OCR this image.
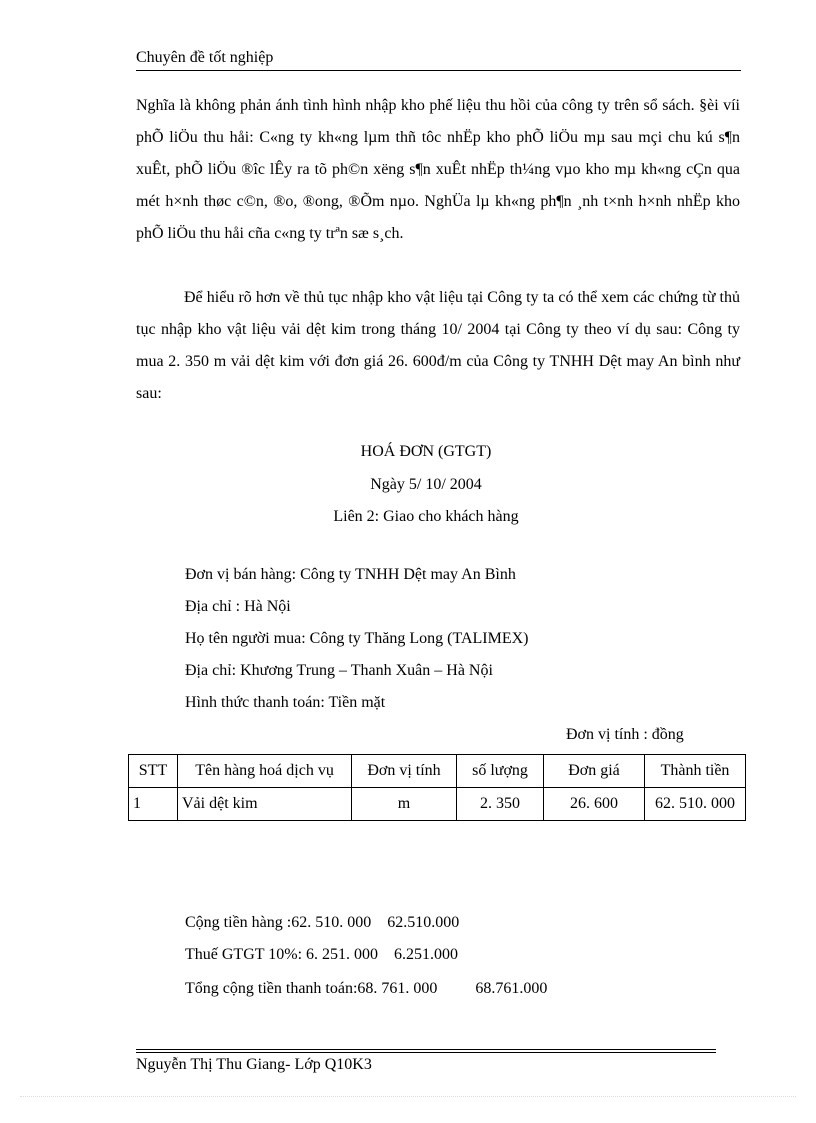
Chuyên đề tốt nghiệp
Nghĩa là không phản ánh tình hình nhập kho phế liệu thu hồi của công ty trên sổ sách. §èi víi phÕ liÖu thu håi: C«ng ty kh«ng lµm thñ tôc nhËp kho phÕ liÖu mµ sau mçi chu kú s¶n xuÊt, phÕ liÖu ®îc lÊy ra tõ ph©n xëng s¶n xuÊt nhËp th¼ng vµo kho mµ kh«ng cÇn qua mét h×nh thøc c©n, ®o, ®ong, ®Õm nµo. NghÜa lµ kh«ng ph¶n ¸nh t×nh h×nh nhËp kho phÕ liÖu thu håi cña c«ng ty trªn sæ s¸ch.
Để hiểu rõ hơn về thủ tục nhập kho vật liệu tại Công ty ta có thể xem các chứng từ thủ tục nhập kho vật liệu vải dệt kim trong tháng 10/ 2004 tại Công ty theo ví dụ sau: Công ty mua 2. 350 m vải dệt kim với đơn giá 26. 600đ/m của Công ty TNHH Dệt may An bình như sau:
HOÁ ĐƠN (GTGT)
Ngày 5/ 10/ 2004
Liên 2: Giao cho khách hàng
Đơn vị bán hàng: Công ty TNHH Dệt may An Bình
Địa chỉ : Hà Nội
Họ tên người mua: Công ty Thăng Long (TALIMEX)
Địa chỉ: Khương Trung – Thanh Xuân – Hà Nội
Hình thức thanh toán: Tiền mặt
Đơn vị tính : đồng
STT	Tên hàng hoá dịch vụ	Đơn vị tính	số lượng	Đơn giá	Thành tiền
1	Vải dệt kim	m	2. 350	26. 600	62. 510. 000
Cộng tiền hàng :62. 510. 000 62.510.000
Thuế GTGT 10%: 6. 251. 000 6.251.000
Tổng cộng tiền thanh toán:68. 761. 000 68.761.000
Nguyễn Thị Thu Giang- Lớp Q10K3
